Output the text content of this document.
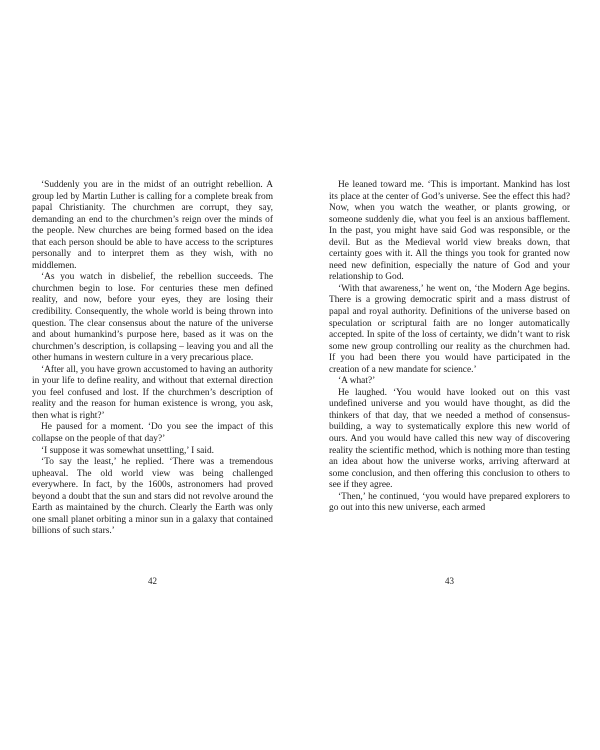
‘Suddenly you are in the midst of an outright rebellion. A group led by Martin Luther is calling for a complete break from papal Christianity. The churchmen are corrupt, they say, demanding an end to the churchmen’s reign over the minds of the people. New churches are being formed based on the idea that each person should be able to have access to the scriptures personally and to interpret them as they wish, with no middlemen.

‘As you watch in disbelief, the rebellion succeeds. The churchmen begin to lose. For centuries these men defined reality, and now, before your eyes, they are losing their credibility. Consequently, the whole world is being thrown into question. The clear consensus about the nature of the universe and about humankind’s purpose here, based as it was on the churchmen’s description, is collapsing – leaving you and all the other humans in western culture in a very precarious place.

‘After all, you have grown accustomed to having an authority in your life to define reality, and without that external direction you feel confused and lost. If the churchmen’s description of reality and the reason for human existence is wrong, you ask, then what is right?’

He paused for a moment. ‘Do you see the impact of this collapse on the people of that day?’

‘I suppose it was somewhat unsettling,’ I said.

‘To say the least,’ he replied. ‘There was a tremendous upheaval. The old world view was being challenged everywhere. In fact, by the 1600s, astronomers had proved beyond a doubt that the sun and stars did not revolve around the Earth as maintained by the church. Clearly the Earth was only one small planet orbiting a minor sun in a galaxy that contained billions of such stars.’

42

He leaned toward me. ‘This is important. Mankind has lost its place at the center of God’s universe. See the effect this had? Now, when you watch the weather, or plants growing, or someone suddenly die, what you feel is an anxious bafflement. In the past, you might have said God was responsible, or the devil. But as the Medieval world view breaks down, that certainty goes with it. All the things you took for granted now need new definition, especially the nature of God and your relationship to God.

‘With that awareness,’ he went on, ‘the Modern Age begins. There is a growing democratic spirit and a mass distrust of papal and royal authority. Definitions of the universe based on speculation or scriptural faith are no longer automatically accepted. In spite of the loss of certainty, we didn’t want to risk some new group controlling our reality as the churchmen had. If you had been there you would have participated in the creation of a new mandate for science.’

‘A what?’

He laughed. ‘You would have looked out on this vast undefined universe and you would have thought, as did the thinkers of that day, that we needed a method of consensus-building, a way to systematically explore this new world of ours. And you would have called this new way of discovering reality the scientific method, which is nothing more than testing an idea about how the universe works, arriving afterward at some conclusion, and then offering this conclusion to others to see if they agree.

‘Then,’ he continued, ‘you would have prepared explorers to go out into this new universe, each armed

43
